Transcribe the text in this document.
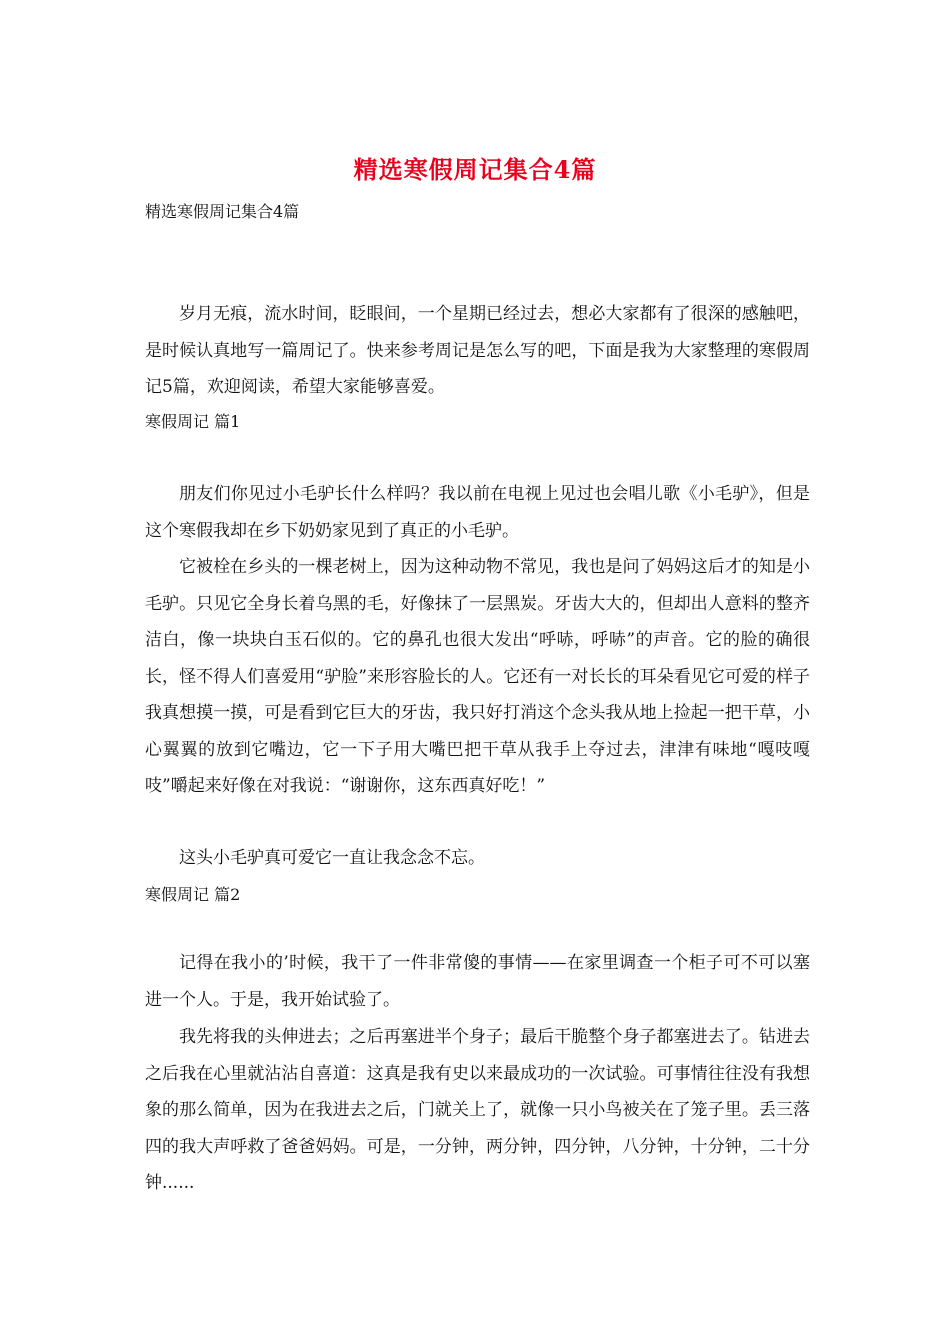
精选寒假周记集合4篇
精选寒假周记集合4篇

岁月无痕，流水时间，眨眼间，一个星期已经过去，想必大家都有了很深的感触吧，是时候认真地写一篇周记了。快来参考周记是怎么写的吧，下面是我为大家整理的寒假周记5篇，欢迎阅读，希望大家能够喜爱。

寒假周记 篇1

朋友们你见过小毛驴长什么样吗？我以前在电视上见过也会唱儿歌《小毛驴》，但是这个寒假我却在乡下奶奶家见到了真正的小毛驴。

它被栓在乡头的一棵老树上，因为这种动物不常见，我也是问了妈妈这后才的知是小毛驴。只见它全身长着乌黑的毛，好像抹了一层黑炭。牙齿大大的，但却出人意料的整齐洁白，像一块块白玉石似的。它的鼻孔也很大发出“呼哧，呼哧”的声音。它的脸的确很长，怪不得人们喜爱用“驴脸”来形容脸长的人。它还有一对长长的耳朵看见它可爱的样子我真想摸一摸，可是看到它巨大的牙齿，我只好打消这个念头我从地上捡起一把干草，小心翼翼的放到它嘴边，它一下子用大嘴巴把干草从我手上夺过去，津津有味地“嘎吱嘎吱”嚼起来好像在对我说：“谢谢你，这东西真好吃！”

这头小毛驴真可爱它一直让我念念不忘。

寒假周记 篇2

记得在我小的’时候，我干了一件非常傻的事情——在家里调查一个柜子可不可以塞进一个人。于是，我开始试验了。

我先将我的头伸进去；之后再塞进半个身子；最后干脆整个身子都塞进去了。钻进去之后我在心里就沾沾自喜道：这真是我有史以来最成功的一次试验。可事情往往没有我想象的那么简单，因为在我进去之后，门就关上了，就像一只小鸟被关在了笼子里。丢三落四的我大声呼救了爸爸妈妈。可是，一分钟，两分钟，四分钟，八分钟，十分钟，二十分钟......
